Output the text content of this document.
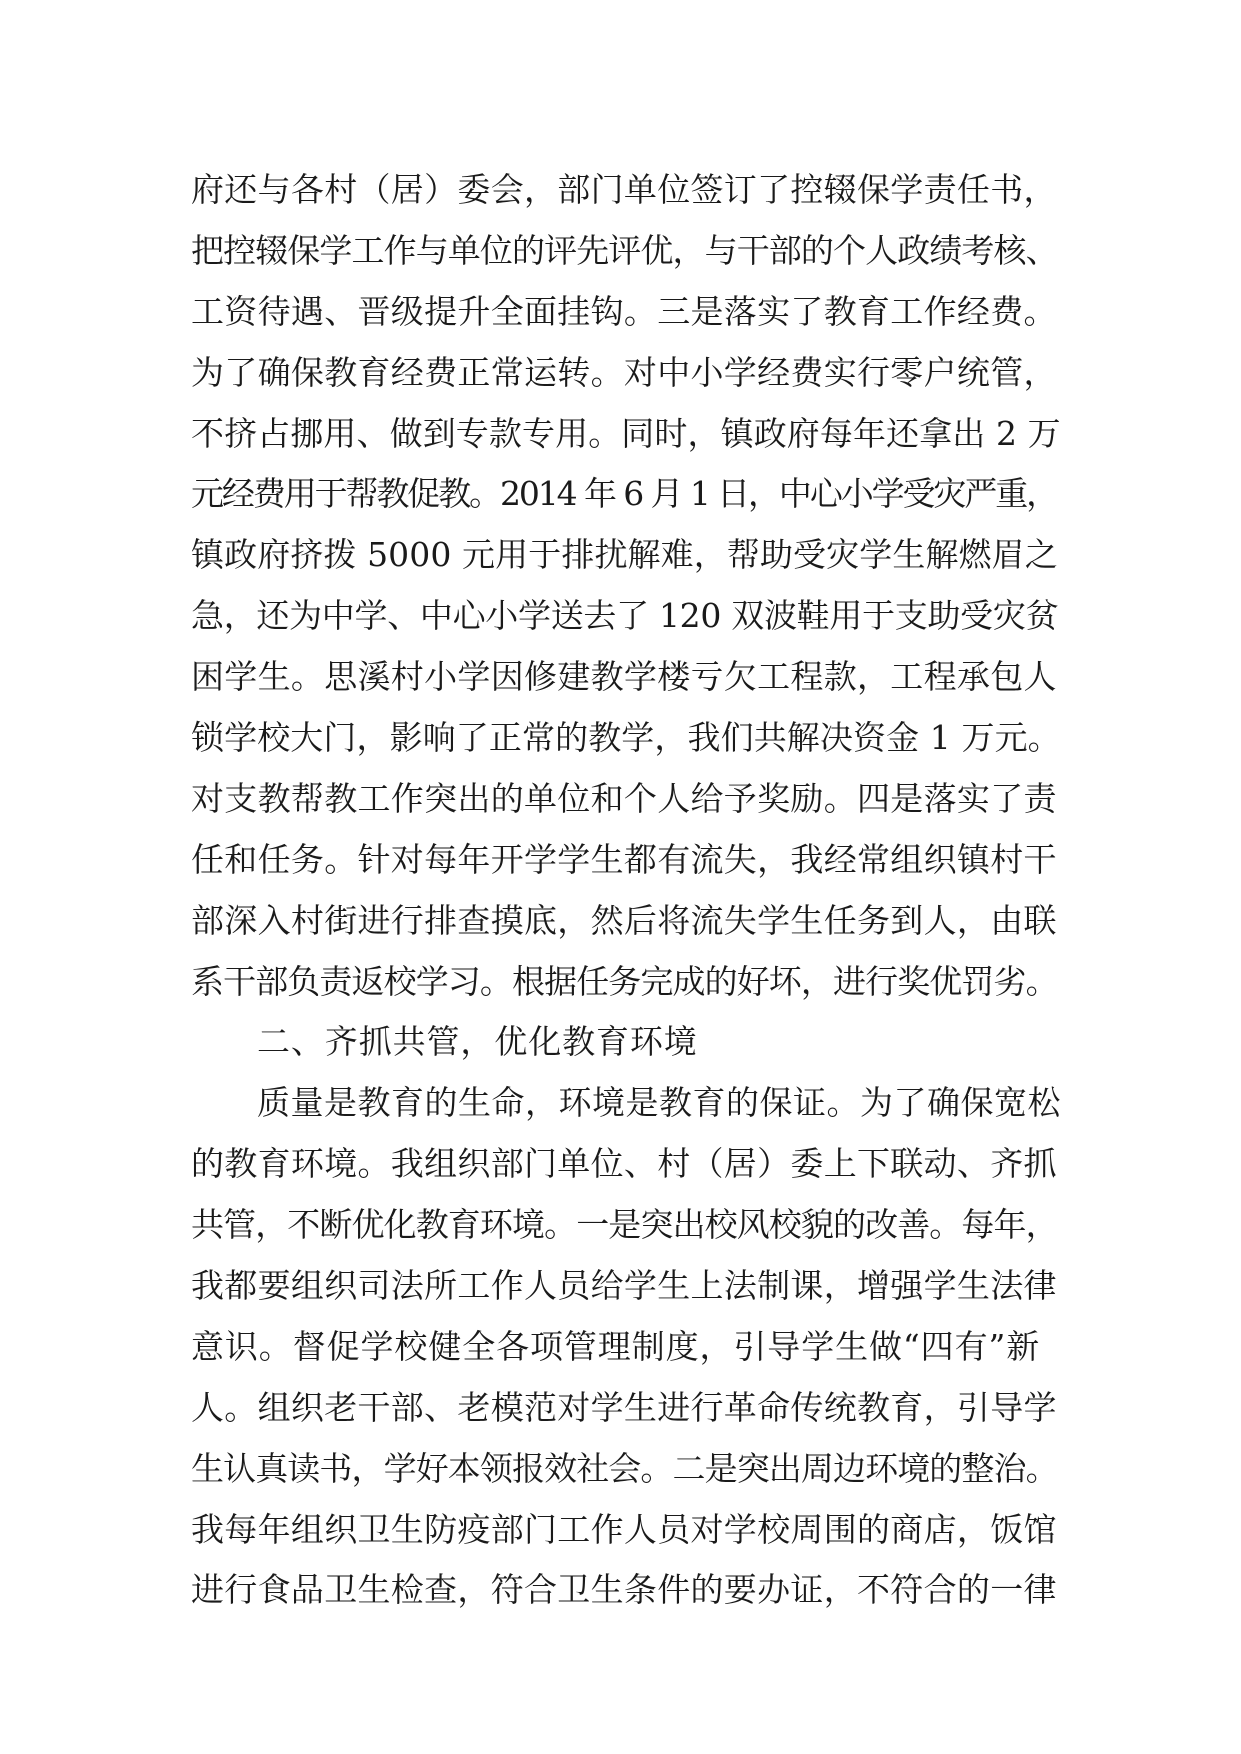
府还与各村（居）委会，部门单位签订了控辍保学责任书，
把控辍保学工作与单位的评先评优，与干部的个人政绩考核、
工资待遇、晋级提升全面挂钩。三是落实了教育工作经费。
为了确保教育经费正常运转。对中小学经费实行零户统管，
不挤占挪用、做到专款专用。同时，镇政府每年还拿出 2 万
元经费用于帮教促教。2014 年 6 月 1 日，中心小学受灾严重，
镇政府挤拨 5000 元用于排扰解难，帮助受灾学生解燃眉之
急，还为中学、中心小学送去了 120 双波鞋用于支助受灾贫
困学生。思溪村小学因修建教学楼亏欠工程款，工程承包人
锁学校大门，影响了正常的教学，我们共解决资金 1 万元。
对支教帮教工作突出的单位和个人给予奖励。四是落实了责
任和任务。针对每年开学学生都有流失，我经常组织镇村干
部深入村街进行排查摸底，然后将流失学生任务到人，由联
系干部负责返校学习。根据任务完成的好坏，进行奖优罚劣。
二、齐抓共管，优化教育环境
质量是教育的生命，环境是教育的保证。为了确保宽松
的教育环境。我组织部门单位、村（居）委上下联动、齐抓
共管，不断优化教育环境。一是突出校风校貌的改善。每年，
我都要组织司法所工作人员给学生上法制课，增强学生法律
意识。督促学校健全各项管理制度，引导学生做“四有”新
人。组织老干部、老模范对学生进行革命传统教育，引导学
生认真读书，学好本领报效社会。二是突出周边环境的整治。
我每年组织卫生防疫部门工作人员对学校周围的商店，饭馆
进行食品卫生检查，符合卫生条件的要办证，不符合的一律
